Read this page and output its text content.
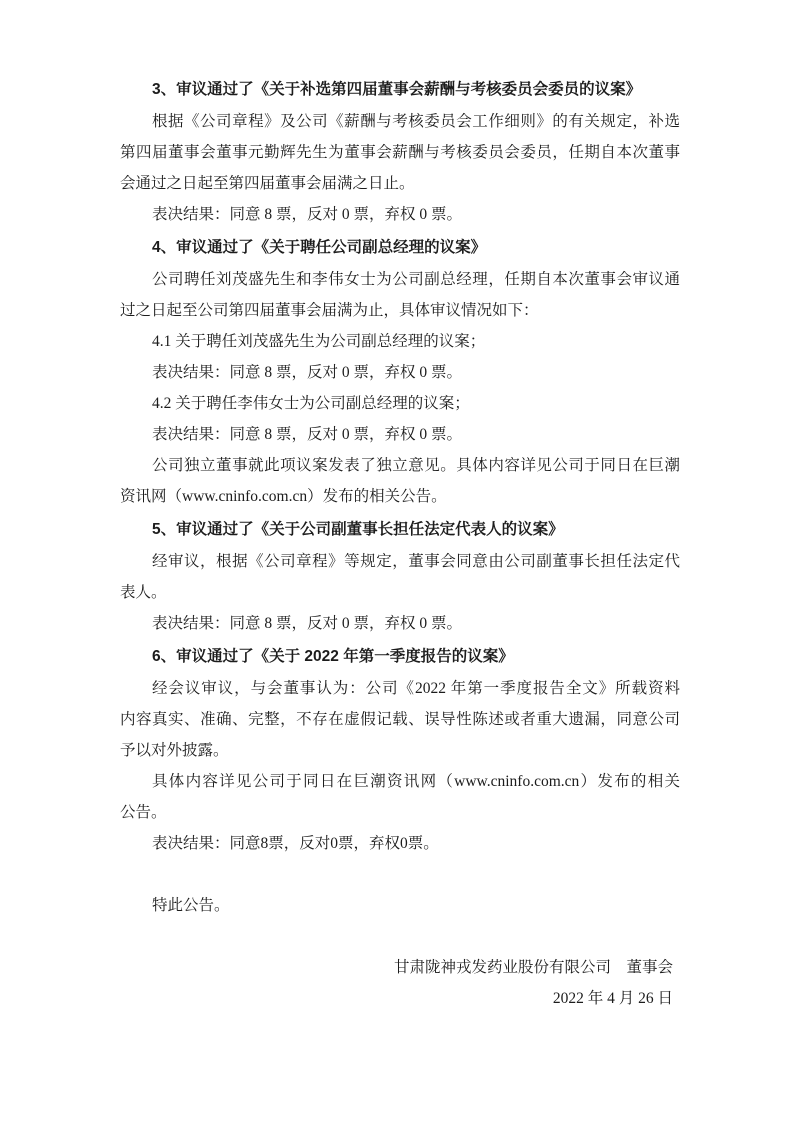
3、审议通过了《关于补选第四届董事会薪酬与考核委员会委员的议案》
根据《公司章程》及公司《薪酬与考核委员会工作细则》的有关规定，补选
第四届董事会董事元勤辉先生为董事会薪酬与考核委员会委员，任期自本次董事
会通过之日起至第四届董事会届满之日止。
表决结果：同意 8 票，反对 0 票，弃权 0 票。
4、审议通过了《关于聘任公司副总经理的议案》
公司聘任刘茂盛先生和李伟女士为公司副总经理，任期自本次董事会审议通
过之日起至公司第四届董事会届满为止，具体审议情况如下：
4.1 关于聘任刘茂盛先生为公司副总经理的议案；
表决结果：同意 8 票，反对 0 票，弃权 0 票。
4.2 关于聘任李伟女士为公司副总经理的议案；
表决结果：同意 8 票，反对 0 票，弃权 0 票。
公司独立董事就此项议案发表了独立意见。具体内容详见公司于同日在巨潮
资讯网（www.cninfo.com.cn）发布的相关公告。
5、审议通过了《关于公司副董事长担任法定代表人的议案》
经审议，根据《公司章程》等规定，董事会同意由公司副董事长担任法定代
表人。
表决结果：同意 8 票，反对 0 票，弃权 0 票。
6、审议通过了《关于 2022 年第一季度报告的议案》
经会议审议，与会董事认为：公司《2022 年第一季度报告全文》所载资料
内容真实、准确、完整，不存在虚假记载、误导性陈述或者重大遗漏，同意公司
予以对外披露。
具体内容详见公司于同日在巨潮资讯网（www.cninfo.com.cn）发布的相关
公告。
表决结果：同意8票，反对0票，弃权0票。
特此公告。
甘肃陇神戎发药业股份有限公司　董事会
2022 年 4 月 26 日
